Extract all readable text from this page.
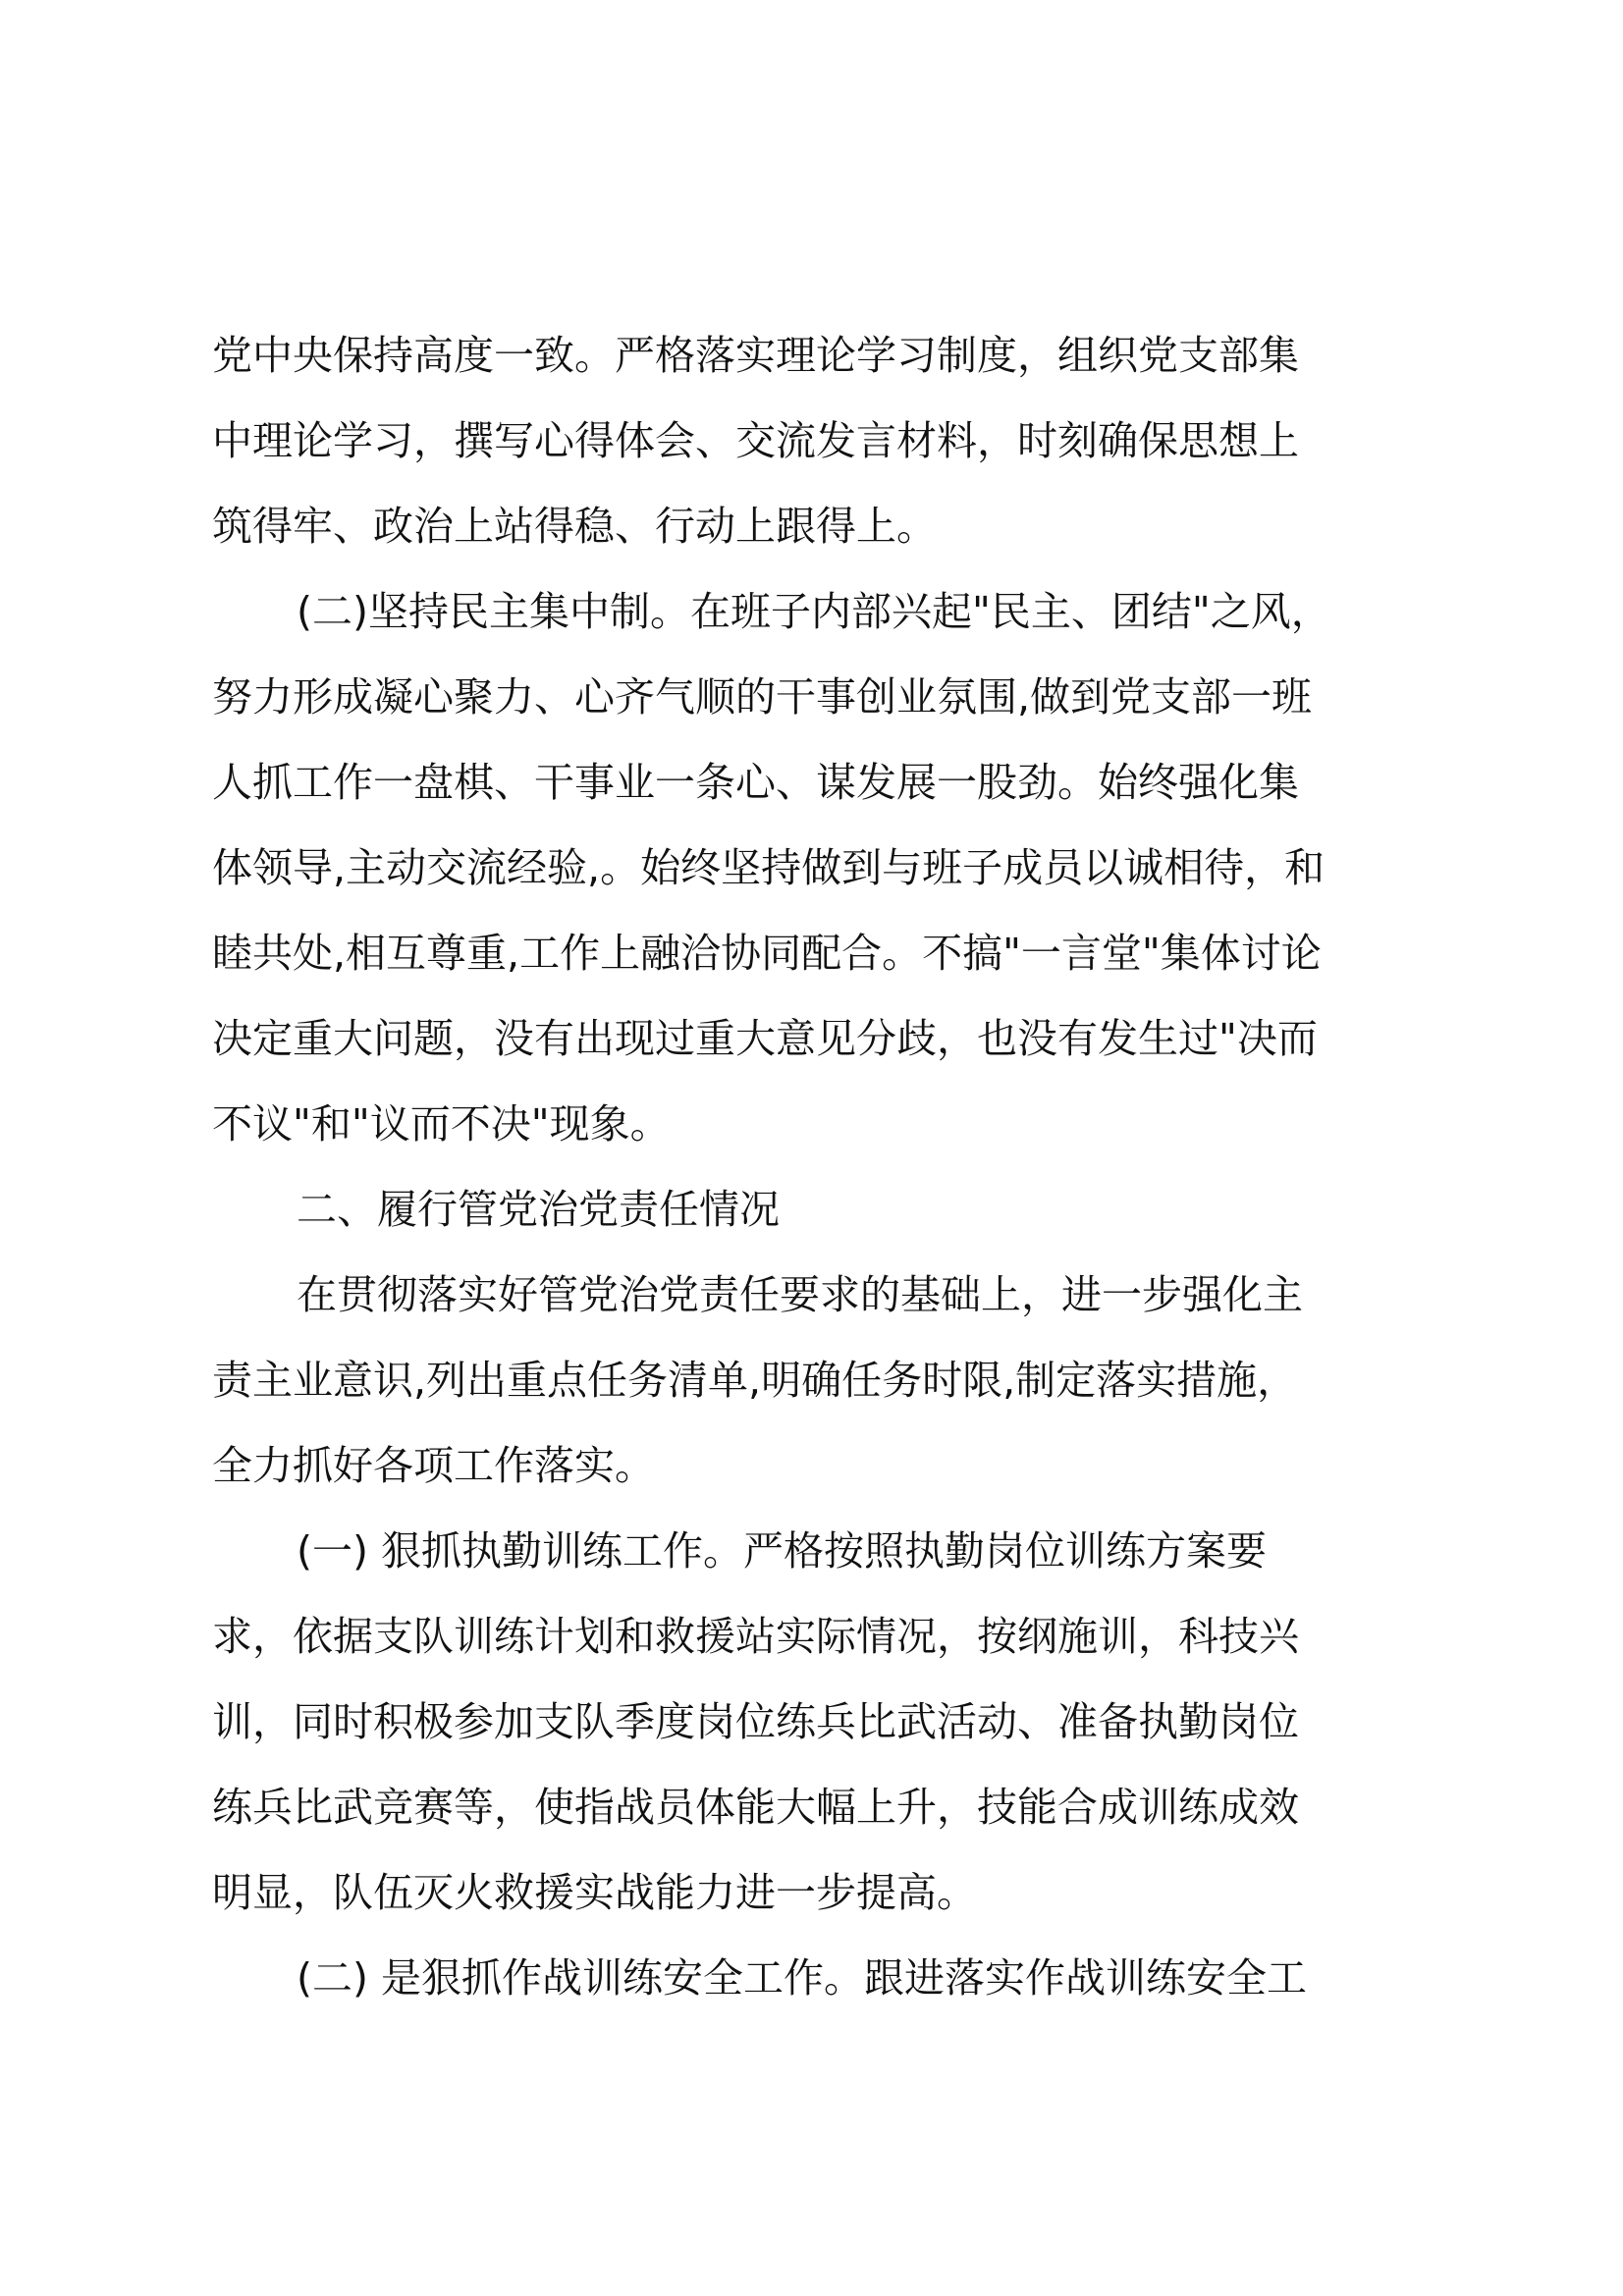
党中央保持高度一致。严格落实理论学习制度，组织党支部集
中理论学习，撰写心得体会、交流发言材料，时刻确保思想上
筑得牢、政治上站得稳、行动上跟得上。
(二)坚持民主集中制。在班子内部兴起"民主、团结"之风，
努力形成凝心聚力、心齐气顺的干事创业氛围,做到党支部一班
人抓工作一盘棋、干事业一条心、谋发展一股劲。始终强化集
体领导,主动交流经验,。始终坚持做到与班子成员以诚相待，和
睦共处,相互尊重,工作上融洽协同配合。不搞"一言堂"集体讨论
决定重大问题，没有出现过重大意见分歧，也没有发生过"决而
不议"和"议而不决"现象。
二、履行管党治党责任情况
在贯彻落实好管党治党责任要求的基础上，进一步强化主
责主业意识,列出重点任务清单,明确任务时限,制定落实措施，
全力抓好各项工作落实。
(一) 狠抓执勤训练工作。严格按照执勤岗位训练方案要
求，依据支队训练计划和救援站实际情况，按纲施训，科技兴
训，同时积极参加支队季度岗位练兵比武活动、准备执勤岗位
练兵比武竞赛等，使指战员体能大幅上升，技能合成训练成效
明显，队伍灭火救援实战能力进一步提高。
(二) 是狠抓作战训练安全工作。跟进落实作战训练安全工
